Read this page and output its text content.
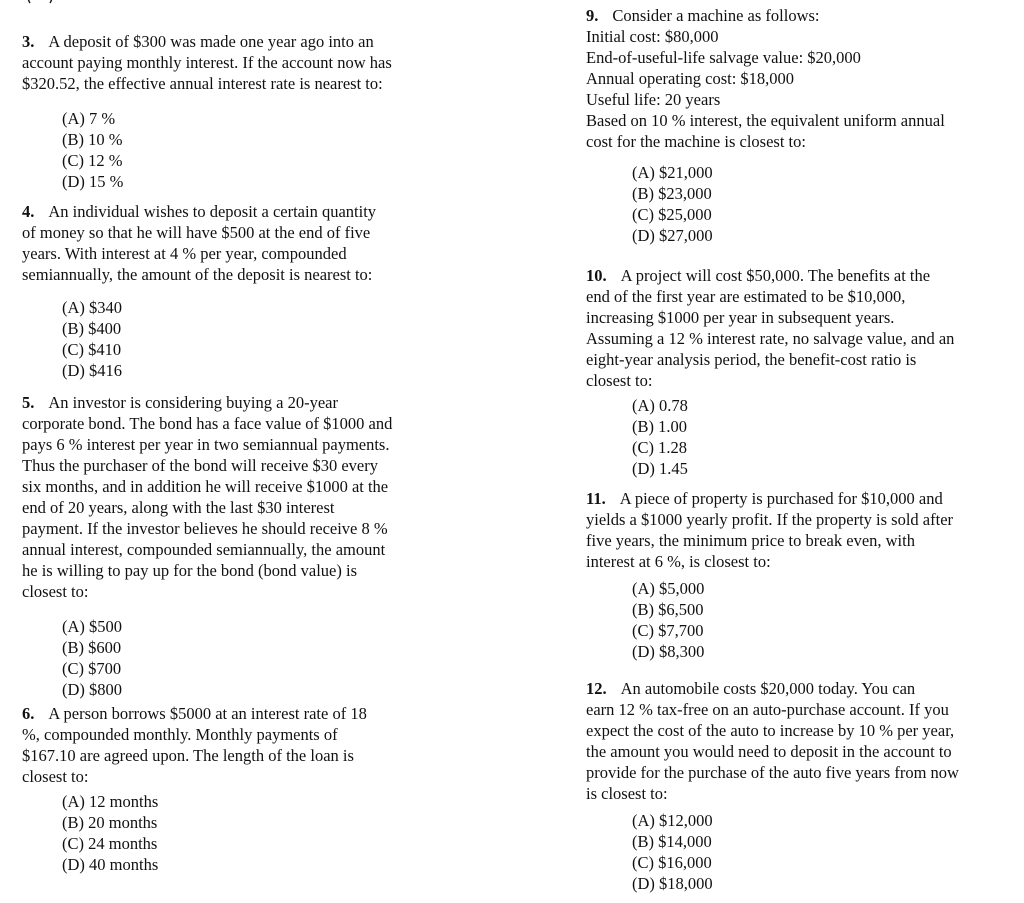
3. A deposit of $300 was made one year ago into an
account paying monthly interest. If the account now has
$320.52, the effective annual interest rate is nearest to:

(A) 7 %
(B) 10 %
(C) 12 %
(D) 15 %

4. An individual wishes to deposit a certain quantity
of money so that he will have $500 at the end of five
years. With interest at 4 % per year, compounded
semiannually, the amount of the deposit is nearest to:

(A) $340
(B) $400
(C) $410
(D) $416

5. An investor is considering buying a 20-year
corporate bond. The bond has a face value of $1000 and
pays 6 % interest per year in two semiannual payments.
Thus the purchaser of the bond will receive $30 every
six months, and in addition he will receive $1000 at the
end of 20 years, along with the last $30 interest
payment. If the investor believes he should receive 8 %
annual interest, compounded semiannually, the amount
he is willing to pay up for the bond (bond value) is
closest to:

(A) $500
(B) $600
(C) $700
(D) $800

6. A person borrows $5000 at an interest rate of 18
%, compounded monthly. Monthly payments of
$167.10 are agreed upon. The length of the loan is
closest to:

(A) 12 months
(B) 20 months
(C) 24 months
(D) 40 months

9. Consider a machine as follows:
Initial cost: $80,000
End-of-useful-life salvage value: $20,000
Annual operating cost: $18,000
Useful life: 20 years
Based on 10 % interest, the equivalent uniform annual
cost for the machine is closest to:

(A) $21,000
(B) $23,000
(C) $25,000
(D) $27,000

10. A project will cost $50,000. The benefits at the
end of the first year are estimated to be $10,000,
increasing $1000 per year in subsequent years.
Assuming a 12 % interest rate, no salvage value, and an
eight-year analysis period, the benefit-cost ratio is
closest to:

(A) 0.78
(B) 1.00
(C) 1.28
(D) 1.45

11. A piece of property is purchased for $10,000 and
yields a $1000 yearly profit. If the property is sold after
five years, the minimum price to break even, with
interest at 6 %, is closest to:

(A) $5,000
(B) $6,500
(C) $7,700
(D) $8,300

12. An automobile costs $20,000 today. You can
earn 12 % tax-free on an auto-purchase account. If you
expect the cost of the auto to increase by 10 % per year,
the amount you would need to deposit in the account to
provide for the purchase of the auto five years from now
is closest to:

(A) $12,000
(B) $14,000
(C) $16,000
(D) $18,000
